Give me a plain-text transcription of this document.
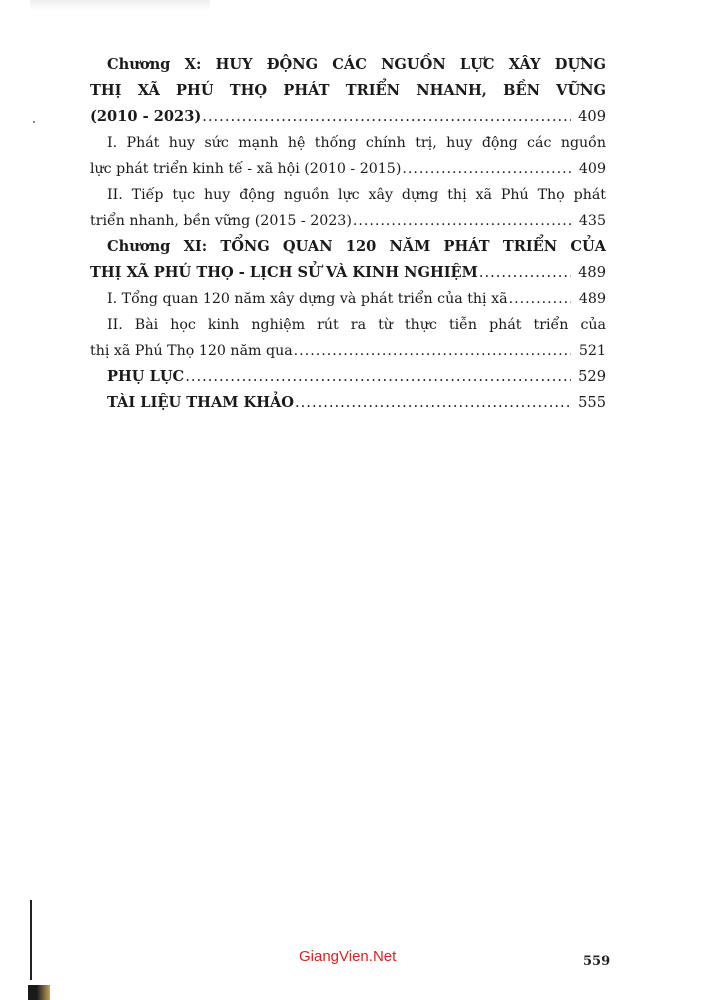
Chương X: HUY ĐỘNG CÁC NGUỒN LỰC XÂY DỰNG
THỊ XÃ PHÚ THỌ PHÁT TRIỂN NHANH, BỀN VỮNG
(2010 - 2023) .....	409
I. Phát huy sức mạnh hệ thống chính trị, huy động các nguồn
lực phát triển kinh tế - xã hội (2010 - 2015) .....	409
II. Tiếp tục huy động nguồn lực xây dựng thị xã Phú Thọ phát
triển nhanh, bền vững (2015 - 2023) .....	435
Chương XI: TỔNG QUAN 120 NĂM PHÁT TRIỂN CỦA
THỊ XÃ PHÚ THỌ - LỊCH SỬ VÀ KINH NGHIỆM .....	489
I. Tổng quan 120 năm xây dựng và phát triển của thị xã .....	489
II. Bài học kinh nghiệm rút ra từ thực tiễn phát triển của
thị xã Phú Thọ 120 năm qua .....	521
PHỤ LỤC .....	529
TÀI LIỆU THAM KHẢO .....	555
GiangVien.Net	559
